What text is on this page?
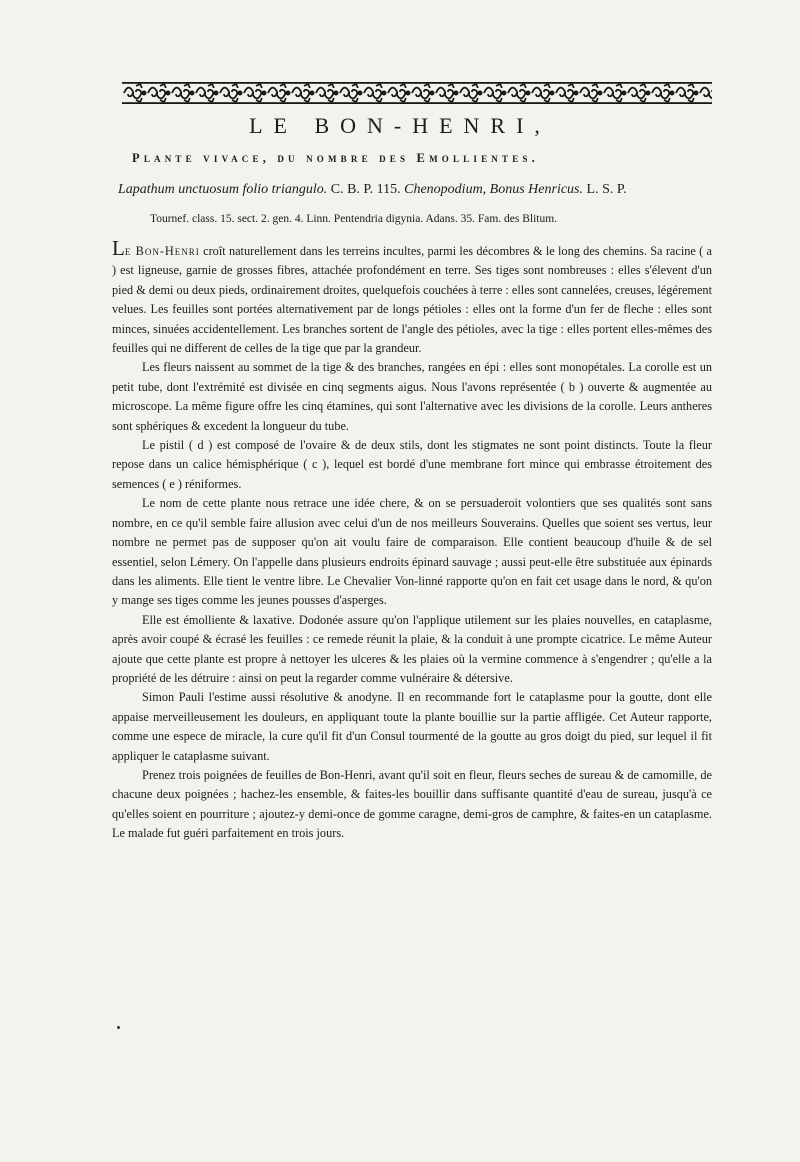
LE BON-HENRI,
Plante vivace, du nombre des Emollientes.
Lapathum unctuosum folio triangulo. C. B. P. 115. Chenopodium, Bonus Henricus. L. S. P.
Tournef. class. 15. sect. 2. gen. 4. Linn. Pentendria digynia. Adans. 35. Fam. des Blitum.

Le Bon-Henri croît naturellement dans les terreins incultes, parmi les décombres & le long des chemins. Sa racine ( a ) est ligneuse, garnie de grosses fibres, attachée profondément en terre. Ses tiges sont nombreuses : elles s'élevent d'un pied & demi ou deux pieds, ordinairement droites, quelquefois couchées à terre : elles sont cannelées, creuses, légérement velues. Les feuilles sont portées alternativement par de longs pétioles : elles ont la forme d'un fer de fleche : elles sont minces, sinuées accidentellement. Les branches sortent de l'angle des pétioles, avec la tige : elles portent elles-mêmes des feuilles qui ne different de celles de la tige que par la grandeur.

Les fleurs naissent au sommet de la tige & des branches, rangées en épi : elles sont monopétales. La corolle est un petit tube, dont l'extrémité est divisée en cinq segments aigus. Nous l'avons représentée ( b ) ouverte & augmentée au microscope. La même figure offre les cinq étamines, qui sont l'alternative avec les divisions de la corolle. Leurs antheres sont sphériques & excedent la longueur du tube.

Le pistil ( d ) est composé de l'ovaire & de deux stils, dont les stigmates ne sont point distincts. Toute la fleur repose dans un calice hémisphérique ( c ), lequel est bordé d'une membrane fort mince qui embrasse étroitement des semences ( e ) réniformes.

Le nom de cette plante nous retrace une idée chere, & on se persuaderoit volontiers que ses qualités sont sans nombre, en ce qu'il semble faire allusion avec celui d'un de nos meilleurs Souverains. Quelles que soient ses vertus, leur nombre ne permet pas de supposer qu'on ait voulu faire de comparaison. Elle contient beaucoup d'huile & de sel essentiel, selon Lémery. On l'appelle dans plusieurs endroits épinard sauvage ; aussi peut-elle être substituée aux épinards dans les aliments. Elle tient le ventre libre. Le Chevalier Von-linné rapporte qu'on en fait cet usage dans le nord, & qu'on y mange ses tiges comme les jeunes pousses d'asperges.

Elle est émolliente & laxative. Dodonée assure qu'on l'applique utilement sur les plaies nouvelles, en cataplasme, après avoir coupé & écrasé les feuilles : ce remede réunit la plaie, & la conduit à une prompte cicatrice. Le même Auteur ajoute que cette plante est propre à nettoyer les ulceres & les plaies où la vermine commence à s'engendrer ; qu'elle a la propriété de les détruire : ainsi on peut la regarder comme vulnéraire & détersive.

Simon Pauli l'estime aussi résolutive & anodyne. Il en recommande fort le cataplasme pour la goutte, dont elle appaise merveilleusement les douleurs, en appliquant toute la plante bouillie sur la partie affligée. Cet Auteur rapporte, comme une espece de miracle, la cure qu'il fit d'un Consul tourmenté de la goutte au gros doigt du pied, sur lequel il fit appliquer le cataplasme suivant.

Prenez trois poignées de feuilles de Bon-Henri, avant qu'il soit en fleur, fleurs seches de sureau & de camomille, de chacune deux poignées ; hachez-les ensemble, & faites-les bouillir dans suffisante quantité d'eau de sureau, jusqu'à ce qu'elles soient en pourriture ; ajoutez-y demi-once de gomme caragne, demi-gros de camphre, & faites-en un cataplasme. Le malade fut guéri parfaitement en trois jours.
